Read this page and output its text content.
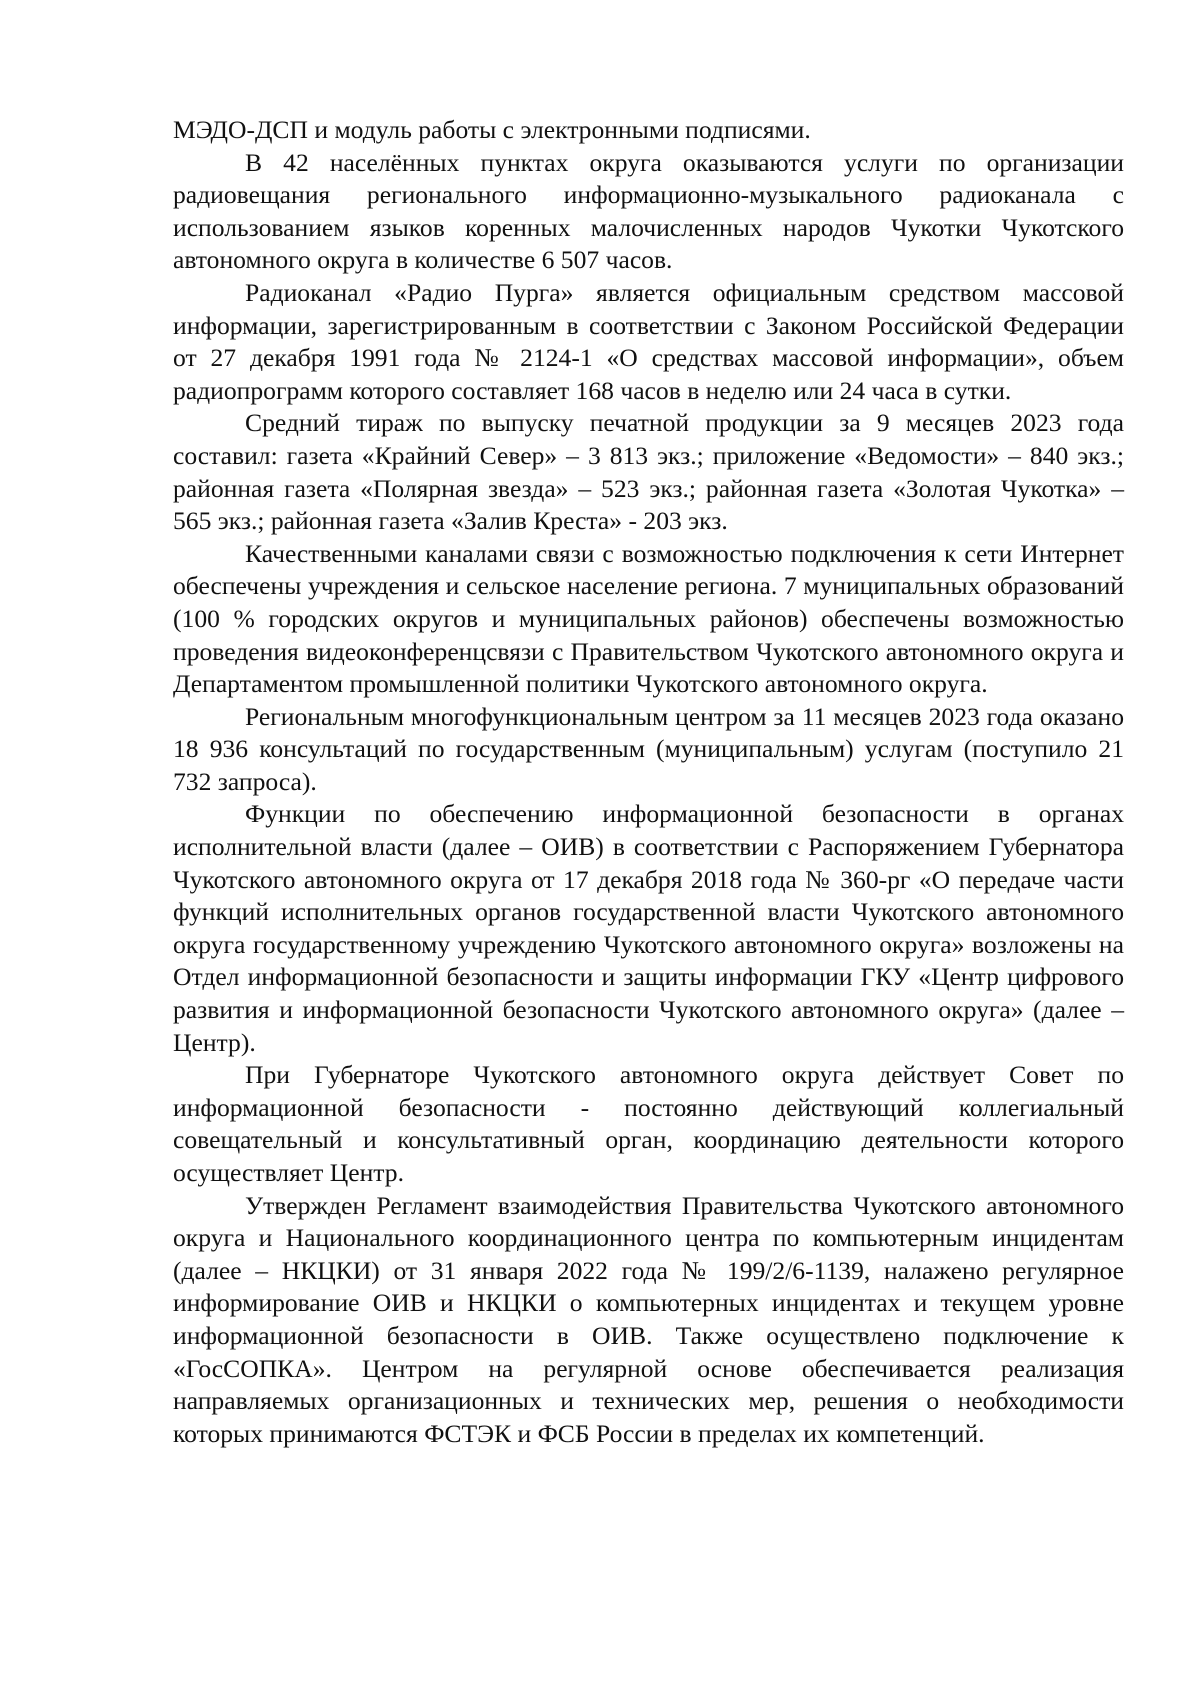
МЭДО-ДСП и модуль работы с электронными подписями.

В 42 населённых пунктах округа оказываются услуги по организации радиовещания регионального информационно-музыкального радиоканала с использованием языков коренных малочисленных народов Чукотки Чукотского автономного округа в количестве 6 507 часов.

Радиоканал «Радио Пурга» является официальным средством массовой информации, зарегистрированным в соответствии с Законом Российской Федерации от 27 декабря 1991 года № 2124-1 «О средствах массовой информации», объем радиопрограмм которого составляет 168 часов в неделю или 24 часа в сутки.

Средний тираж по выпуску печатной продукции за 9 месяцев 2023 года составил: газета «Крайний Север» – 3 813 экз.; приложение «Ведомости» – 840 экз.; районная газета «Полярная звезда» – 523 экз.; районная газета «Золотая Чукотка» – 565 экз.; районная газета «Залив Креста» - 203 экз.

Качественными каналами связи с возможностью подключения к сети Интернет обеспечены учреждения и сельское население региона. 7 муниципальных образований (100 % городских округов и муниципальных районов) обеспечены возможностью проведения видеоконференцсвязи с Правительством Чукотского автономного округа и Департаментом промышленной политики Чукотского автономного округа.

Региональным многофункциональным центром за 11 месяцев 2023 года оказано 18 936 консультаций по государственным (муниципальным) услугам (поступило 21 732 запроса).

Функции по обеспечению информационной безопасности в органах исполнительной власти (далее – ОИВ) в соответствии с Распоряжением Губернатора Чукотского автономного округа от 17 декабря 2018 года № 360-рг «О передаче части функций исполнительных органов государственной власти Чукотского автономного округа государственному учреждению Чукотского автономного округа» возложены на Отдел информационной безопасности и защиты информации ГКУ «Центр цифрового развития и информационной безопасности Чукотского автономного округа» (далее – Центр).

При Губернаторе Чукотского автономного округа действует Совет по информационной безопасности - постоянно действующий коллегиальный совещательный и консультативный орган, координацию деятельности которого осуществляет Центр.

Утвержден Регламент взаимодействия Правительства Чукотского автономного округа и Национального координационного центра по компьютерным инцидентам (далее – НКЦКИ) от 31 января 2022 года № 199/2/6-1139, налажено регулярное информирование ОИВ и НКЦКИ о компьютерных инцидентах и текущем уровне информационной безопасности в ОИВ. Также осуществлено подключение к «ГосСОПКА». Центром на регулярной основе обеспечивается реализация направляемых организационных и технических мер, решения о необходимости которых принимаются ФСТЭК и ФСБ России в пределах их компетенций.
